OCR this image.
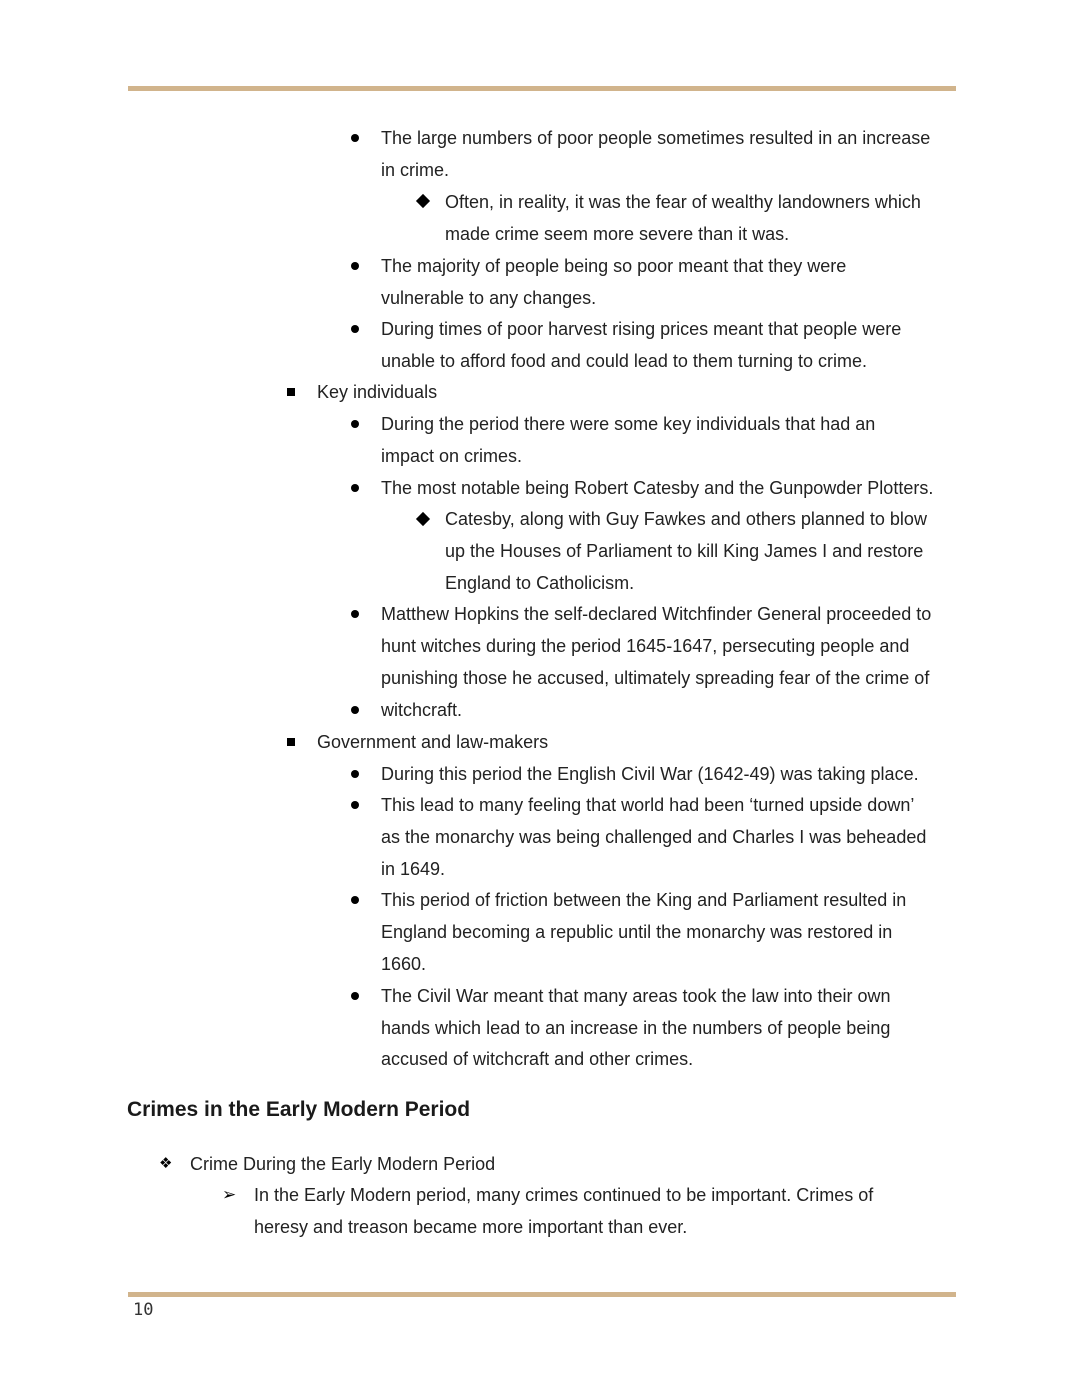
The large numbers of poor people sometimes resulted in an increase
in crime.
Often, in reality, it was the fear of wealthy landowners which
made crime seem more severe than it was.
The majority of people being so poor meant that they were
vulnerable to any changes.
During times of poor harvest rising prices meant that people were
unable to afford food and could lead to them turning to crime.
Key individuals
During the period there were some key individuals that had an
impact on crimes.
The most notable being Robert Catesby and the Gunpowder Plotters.
Catesby, along with Guy Fawkes and others planned to blow
up the Houses of Parliament to kill King James I and restore
England to Catholicism.
Matthew Hopkins the self-declared Witchfinder General proceeded to
hunt witches during the period 1645-1647, persecuting people and
punishing those he accused, ultimately spreading fear of the crime of
witchcraft.
Government and law-makers
During this period the English Civil War (1642-49) was taking place.
This lead to many feeling that world had been ‘turned upside down’
as the monarchy was being challenged and Charles I was beheaded
in 1649.
This period of friction between the King and Parliament resulted in
England becoming a republic until the monarchy was restored in
1660.
The Civil War meant that many areas took the law into their own
hands which lead to an increase in the numbers of people being
accused of witchcraft and other crimes.
Crimes in the Early Modern Period
❖ Crime During the Early Modern Period
➢ In the Early Modern period, many crimes continued to be important. Crimes of
heresy and treason became more important than ever.
10
